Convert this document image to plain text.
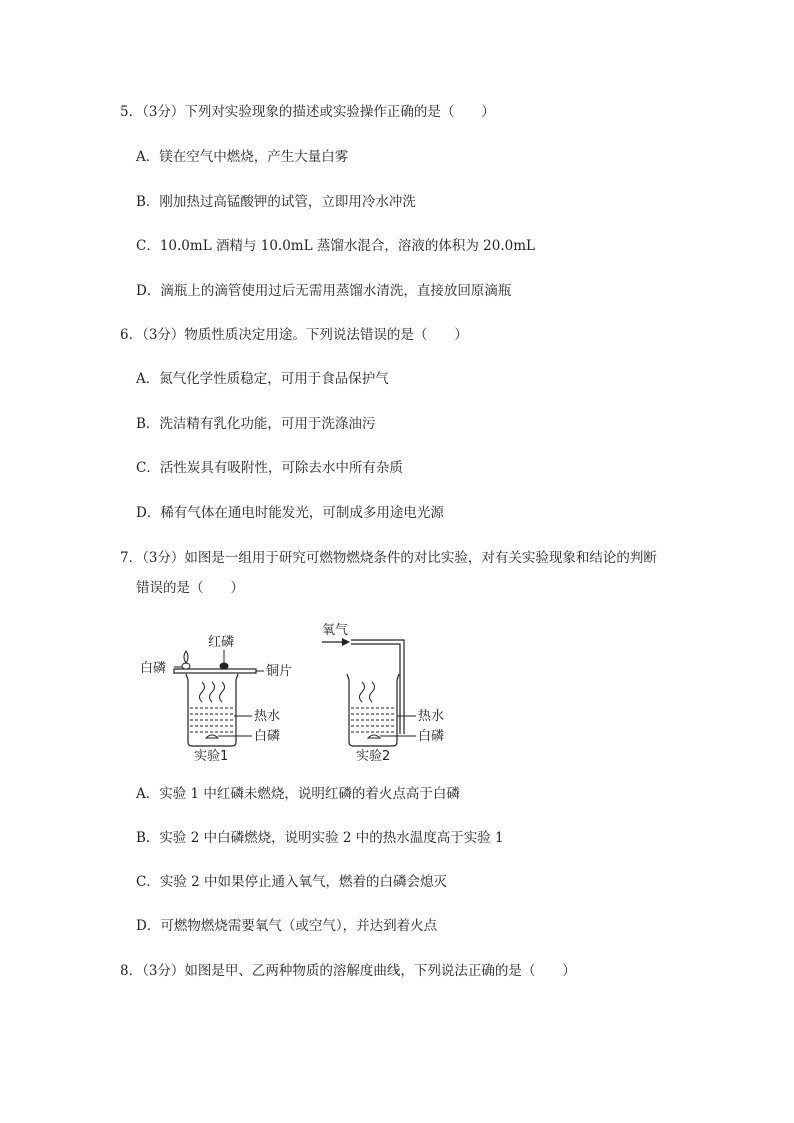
5．（3分）下列对实验现象的描述或实验操作正确的是（　　）
A．镁在空气中燃烧，产生大量白雾
B．刚加热过高锰酸钾的试管，立即用冷水冲洗
C．10.0mL 酒精与 10.0mL 蒸馏水混合，溶液的体积为 20.0mL
D．滴瓶上的滴管使用过后无需用蒸馏水清洗，直接放回原滴瓶
6．（3分）物质性质决定用途。下列说法错误的是（　　）
A．氮气化学性质稳定，可用于食品保护气
B．洗洁精有乳化功能，可用于洗涤油污
C．活性炭具有吸附性，可除去水中所有杂质
D．稀有气体在通电时能发光，可制成多用途电光源
7．（3分）如图是一组用于研究可燃物燃烧条件的对比实验，对有关实验现象和结论的判断
错误的是（　　）
红磷
白磷	铜片
热水
白磷
实验1
氧气
热水
白磷
实验2
A．实验 1 中红磷未燃烧，说明红磷的着火点高于白磷
B．实验 2 中白磷燃烧，说明实验 2 中的热水温度高于实验 1
C．实验 2 中如果停止通入氧气，燃着的白磷会熄灭
D．可燃物燃烧需要氧气（或空气），并达到着火点
8．（3分）如图是甲、乙两种物质的溶解度曲线，下列说法正确的是（　　）
